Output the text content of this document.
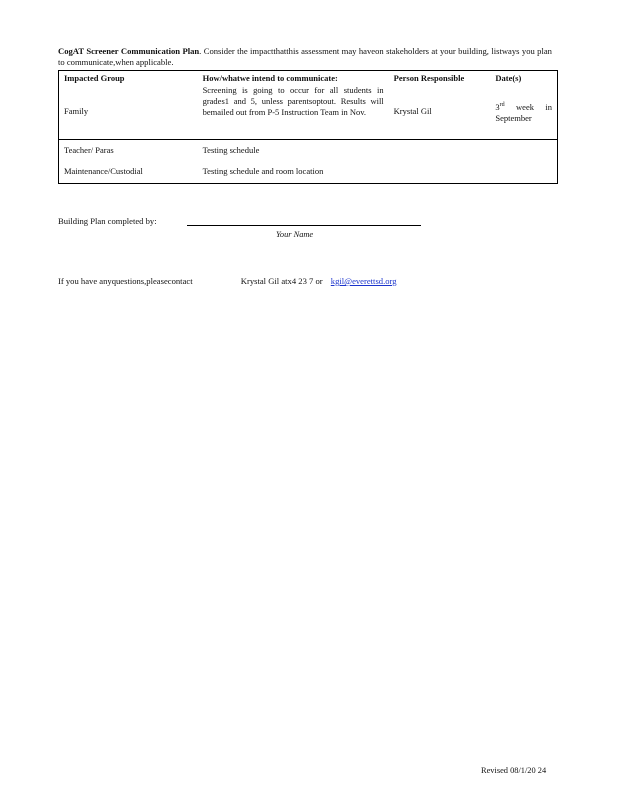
CogAT Screener Communication Plan. Consider the impactthatthis assessment may haveon stakeholders at your building, listways you plan to communicate,when applicable.
Impacted Group	How/whatwe intend to communicate:	Person Responsible	Date(s)
Family	Screening is going to occur for all students in grades1 and 5, unless parentsoptout. Results will bemailed out from P-5 Instruction Team in Nov.	Krystal Gil	3rd week in September
Teacher/ Paras	Testing schedule		
Maintenance/Custodial	Testing schedule and room location		
Building Plan completed by:
Your Name
If you have anyquestions,pleasecontact	Krystal Gil atx4 23 7 or kgil@everettsd.org
Revised 08/1/20 24
